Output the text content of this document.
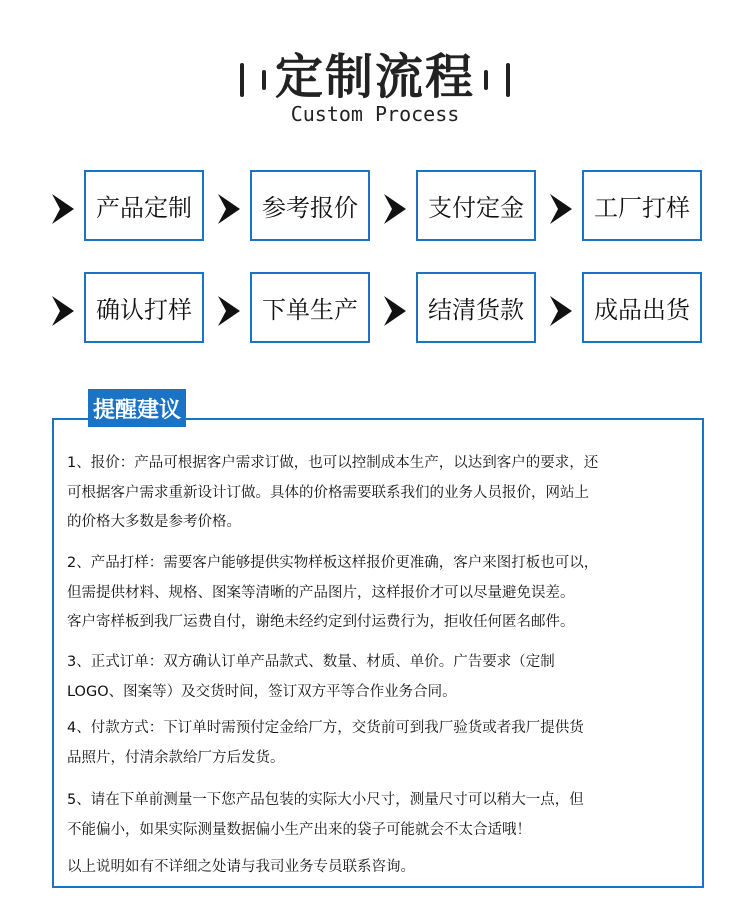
定制流程
Custom Process
提醒建议
产品定制	参考报价	支付定金	工厂打样
确认打样	下单生产	结清货款	成品出货
1、报价：产品可根据客户需求订做，也可以控制成本生产，以达到客户的要求，还
可根据客户需求重新设计订做。具体的价格需要联系我们的业务人员报价，网站上
的价格大多数是参考价格。
2、产品打样：需要客户能够提供实物样板这样报价更准确，客户来图打板也可以，
但需提供材料、规格、图案等清晰的产品图片，这样报价才可以尽量避免误差。
客户寄样板到我厂运费自付，谢绝未经约定到付运费行为，拒收任何匿名邮件。
3、正式订单：双方确认订单产品款式、数量、材质、单价。广告要求（定制
LOGO、图案等）及交货时间，签订双方平等合作业务合同。
4、付款方式：下订单时需预付定金给厂方，交货前可到我厂验货或者我厂提供货
品照片，付清余款给厂方后发货。
5、请在下单前测量一下您产品包装的实际大小尺寸，测量尺寸可以稍大一点，但
不能偏小，如果实际测量数据偏小生产出来的袋子可能就会不太合适哦！
以上说明如有不详细之处请与我司业务专员联系咨询。
